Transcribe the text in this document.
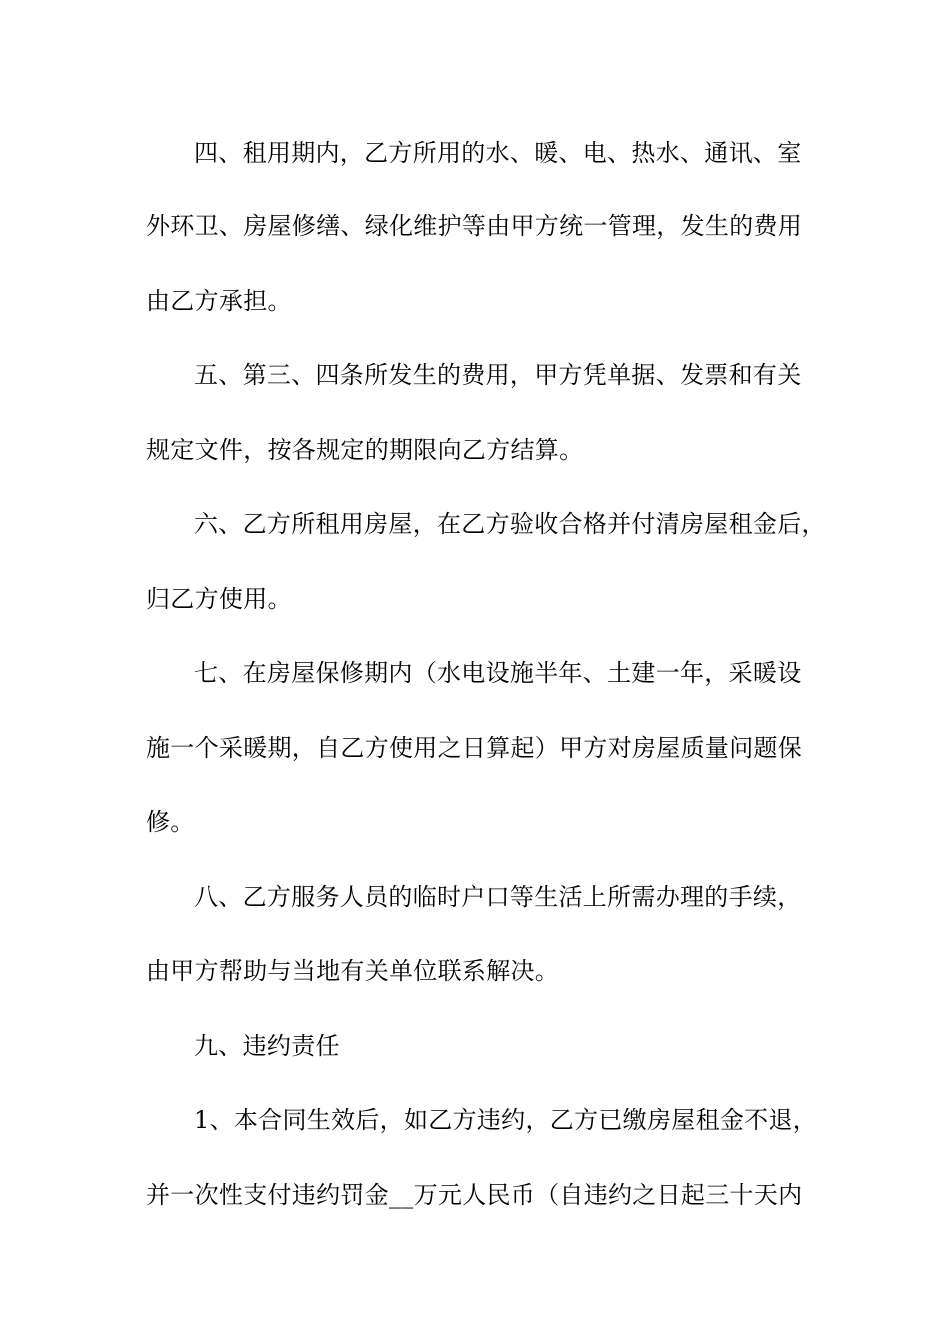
四、租用期内，乙方所用的水、暖、电、热水、通讯、室
外环卫、房屋修缮、绿化维护等由甲方统一管理，发生的费用
由乙方承担。
五、第三、四条所发生的费用，甲方凭单据、发票和有关
规定文件，按各规定的期限向乙方结算。
六、乙方所租用房屋，在乙方验收合格并付清房屋租金后，
归乙方使用。
七、在房屋保修期内（水电设施半年、土建一年，采暖设
施一个采暖期，自乙方使用之日算起）甲方对房屋质量问题保
修。
八、乙方服务人员的临时户口等生活上所需办理的手续，
由甲方帮助与当地有关单位联系解决。
九、违约责任
1、本合同生效后，如乙方违约，乙方已缴房屋租金不退，
并一次性支付违约罚金__万元人民币（自违约之日起三十天内
